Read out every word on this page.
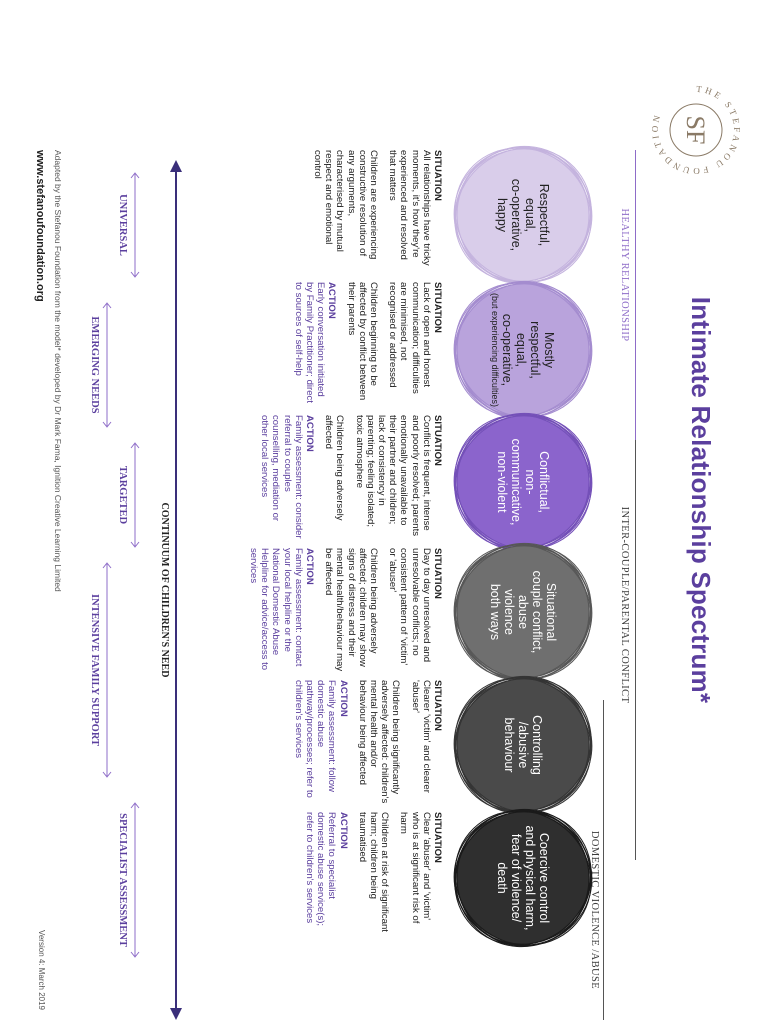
SF
THE STEFANOU FOUNDATION
Intimate Relationship Spectrum*
HEALTHY RELATIONSHIP
INTER-COUPLE/PARENTAL CONFLICT
DOMESTIC VIOLENCE /ABUSE
Respectful,
equal,
co-operative,
happy
Mostly
respectful,
equal,
co-operative,
(but experiencing difficulties)
Conflictual,
non-
communicative,
non-violent
Situational
couple conflict,
abuse
violence
both ways
Controlling
/abusive
behaviour
Coercive control
and physical harm,
fear of violence/
death
SITUATION
All relationships have tricky moments, it's how they're experienced and resolved that matters
Children are experiencing constructive resolution of any arguments, characterised by mutual respect and emotional control
SITUATION
Lack of open and honest communication; difficulties are minimised, not recognised or addressed
Children beginning to be affected by conflict between their parents
ACTION
Early conversation initiated by Family Practitioner; direct to sources of self-help
SITUATION
Conflict is frequent, intense and poorly resolved; parents emotionally unavailable to their partner and children; lack of consistency in parenting; feeling isolated; toxic atmosphere
Children being adversely affected
ACTION
Family assessment: consider referral to couples counselling, mediation or other local services
SITUATION
Day to day unresolved and unresolvable conflicts; no consistent pattern of 'victim' or 'abuser'
Children being adversely affected; children may show signs of distress and their mental health/behaviour may be affected
ACTION
Family assessment: contact your local helpline or the National Domestic Abuse Helpline for advice/access to services
SITUATION
Clearer 'victim' and clearer 'abuser'
Children being significantly adversely affected: children's mental health and/or behaviour being affected
ACTION
Family assessment: follow domestic abuse pathway/processes; refer to children's services
SITUATION
Clear 'abuser' and 'victim' who is at significant risk of harm
Children at risk of significant harm; children being traumatised
ACTION
Referral to specialist domestic abuse service(s); refer to children's services
CONTINUUM OF CHILDREN'S NEED
UNIVERSAL
EMERGING NEEDS
TARGETED
INTENSIVE FAMILY SUPPORT
SPECIALIST ASSESSMENT
Adapted by the Stefanou Foundation from the model* developed by Dr Mark Fama, Ignition Creative Learning Limited
www.stefanoufoundation.org
Version 4: March 2019
